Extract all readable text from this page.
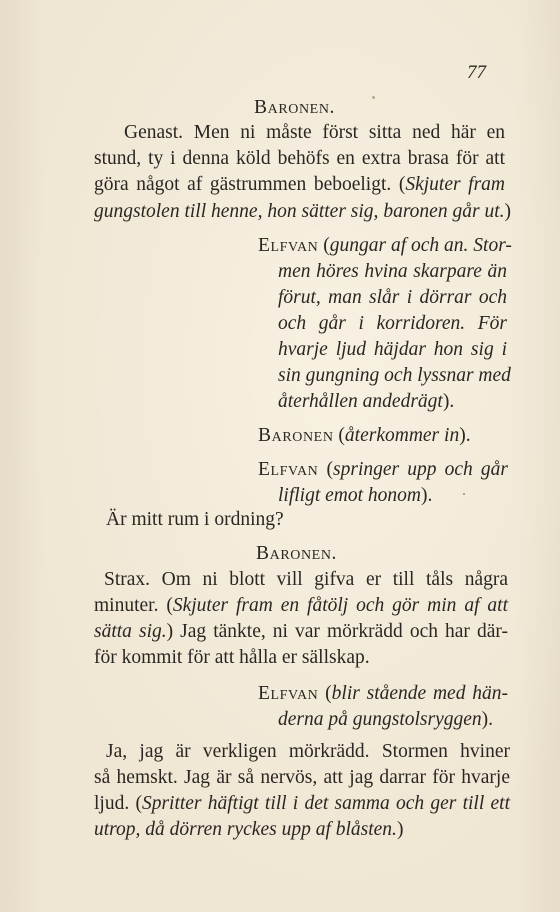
77
Baronen.
Genast. Men ni måste först sitta ned här en
stund, ty i denna köld behöfs en extra brasa för att
göra något af gästrummen beboeligt. (Skjuter fram
gungstolen till henne, hon sätter sig, baronen går ut.)
Elfvan (gungar af och an. Stor-
men höres hvina skarpare än
förut, man slår i dörrar och
och går i korridoren. För
hvarje ljud häjdar hon sig i
sin gungning och lyssnar med
återhållen andedrägt).
Baronen (återkommer in).
Elfvan (springer upp och går
lifligt emot honom).
Är mitt rum i ordning?
Baronen.
Strax. Om ni blott vill gifva er till tåls några
minuter. (Skjuter fram en fåtölj och gör min af att
sätta sig.) Jag tänkte, ni var mörkrädd och har där-
för kommit för att hålla er sällskap.
Elfvan (blir stående med hän-
derna på gungstolsryggen).
Ja, jag är verkligen mörkrädd. Stormen hviner
så hemskt. Jag är så nervös, att jag darrar för hvarje
ljud. (Spritter häftigt till i det samma och ger till ett
utrop, då dörren ryckes upp af blåsten.)
